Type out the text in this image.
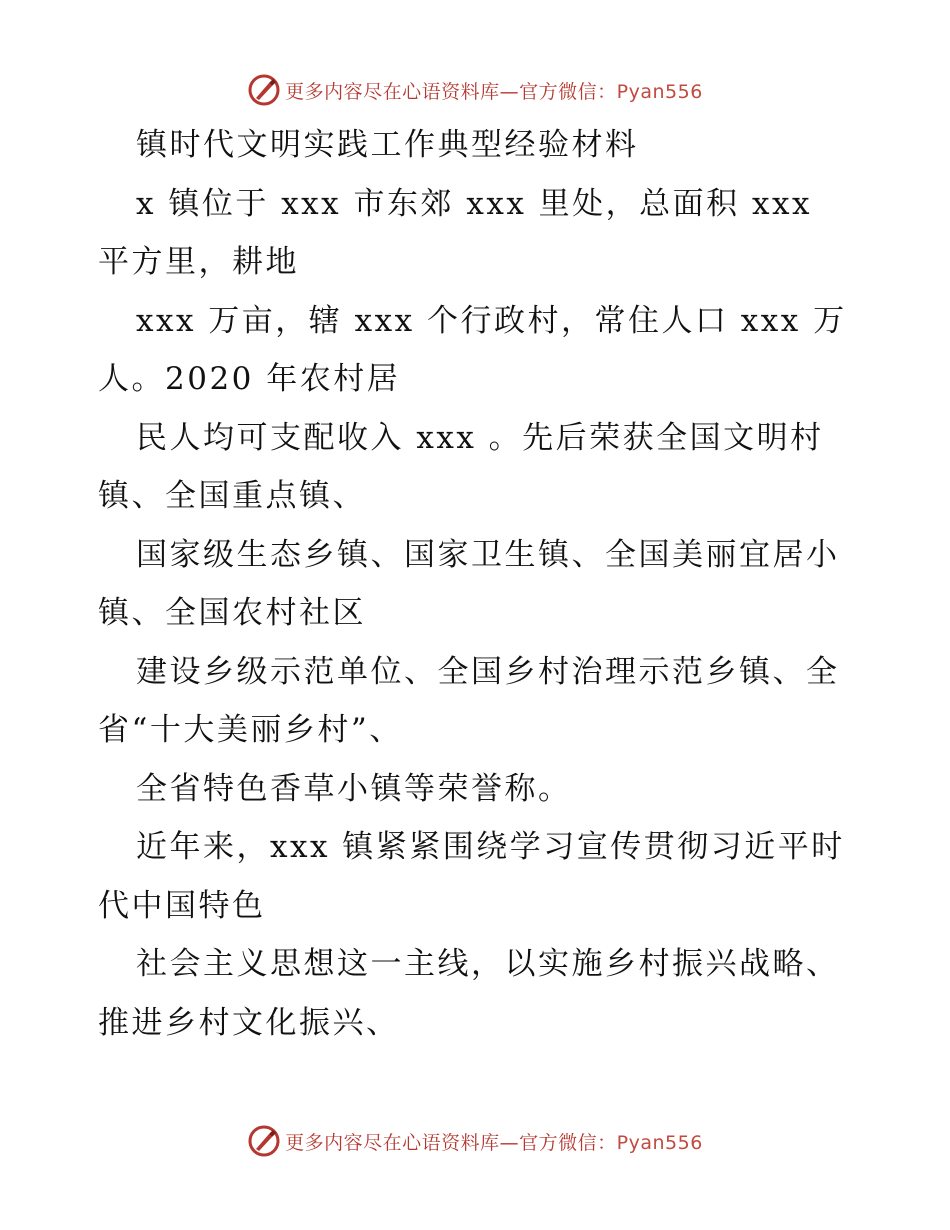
更多内容尽在心语资料库—官方微信：Pyan556
镇时代文明实践工作典型经验材料
x 镇位于 xxx 市东郊 xxx 里处，总面积 xxx
平方里，耕地
xxx 万亩，辖 xxx 个行政村，常住人口 xxx 万
人。2020 年农村居
民人均可支配收入 xxx 。先后荣获全国文明村
镇、全国重点镇、
国家级生态乡镇、国家卫生镇、全国美丽宜居小
镇、全国农村社区
建设乡级示范单位、全国乡村治理示范乡镇、全
省“十大美丽乡村”、
全省特色香草小镇等荣誉称。
近年来，xxx 镇紧紧围绕学习宣传贯彻习近平时
代中国特色
社会主义思想这一主线，以实施乡村振兴战略、
推进乡村文化振兴、
更多内容尽在心语资料库—官方微信：Pyan556
